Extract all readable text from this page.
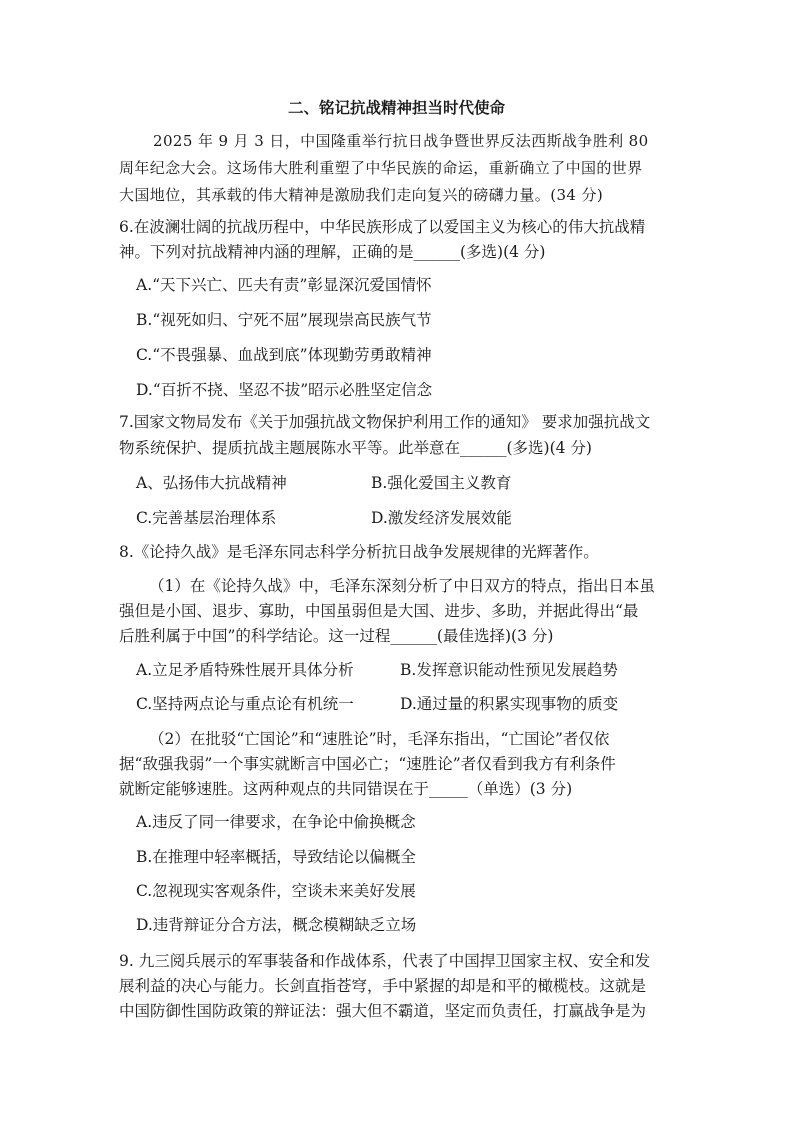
二、铭记抗战精神担当时代使命
2025 年 9 月 3 日，中国隆重举行抗日战争暨世界反法西斯战争胜利 80
周年纪念大会。这场伟大胜利重塑了中华民族的命运，重新确立了中国的世界
大国地位，其承载的伟大精神是激励我们走向复兴的磅礴力量。(34 分)
6.在波澜壮阔的抗战历程中，中华民族形成了以爱国主义为核心的伟大抗战精
神。下列对抗战精神内涵的理解，正确的是______(多选)(4 分)
A.“天下兴亡、匹夫有责”彰显深沉爱国情怀
B.“视死如归、宁死不屈”展现崇高民族气节
C.“不畏强暴、血战到底”体现勤劳勇敢精神
D.“百折不挠、坚忍不拔”昭示必胜坚定信念
7.国家文物局发布《关于加强抗战文物保护利用工作的通知》 要求加强抗战文
物系统保护、提质抗战主题展陈水平等。此举意在______(多选)(4 分)
A、弘扬伟大抗战精神	B.强化爱国主义教育
C.完善基层治理体系	D.激发经济发展效能
8.《论持久战》是毛泽东同志科学分析抗日战争发展规律的光辉著作。
（1）在《论持久战》中，毛泽东深刻分析了中日双方的特点，指出日本虽
强但是小国、退步、寡助，中国虽弱但是大国、进步、多助，并据此得出“最
后胜利属于中国”的科学结论。这一过程______(最佳选择)(3 分)
A.立足矛盾特殊性展开具体分析	B.发挥意识能动性预见发展趋势
C.坚持两点论与重点论有机统一	D.通过量的积累实现事物的质变
（2）在批驳“亡国论”和“速胜论”时，毛泽东指出，“亡国论”者仅依
据“敌强我弱”一个事实就断言中国必亡；“速胜论”者仅看到我方有利条件
就断定能够速胜。这两种观点的共同错误在于_____（单选）(3 分)
A.违反了同一律要求，在争论中偷换概念
B.在推理中轻率概括，导致结论以偏概全
C.忽视现实客观条件，空谈未来美好发展
D.违背辩证分合方法，概念模糊缺乏立场
9. 九三阅兵展示的军事装备和作战体系，代表了中国捍卫国家主权、安全和发
展利益的决心与能力。长剑直指苍穹，手中紧握的却是和平的橄榄枝。这就是
中国防御性国防政策的辩证法：强大但不霸道，坚定而负责任，打赢战争是为
